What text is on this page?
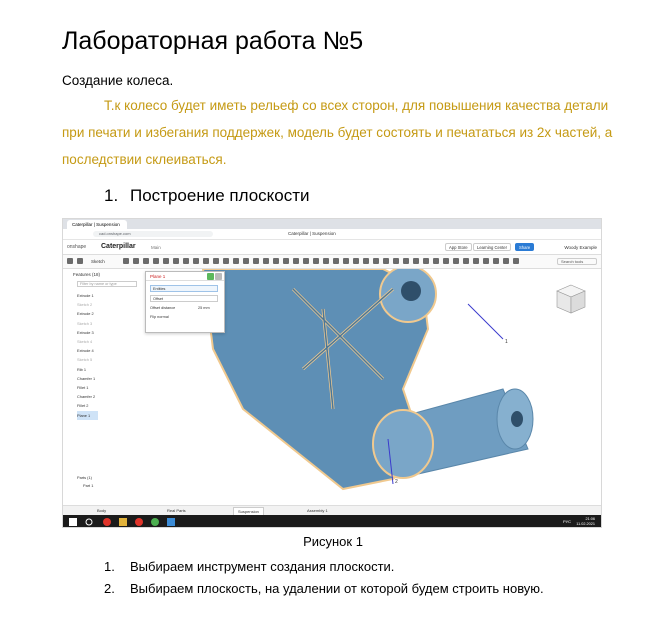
Лабораторная работа №5
Создание колеса.
Т.к колесо будет иметь рельеф со всех сторон, для повышения качества детали
при печати и избегания поддержек, модель будет состоять и печататься из 2х частей, а
последствии склеиваться.
1. Построение плоскости
Caterpillar | Suspension
cad.onshape.com	Caterpillar | Suspension
onshape Caterpillar	Main	App Store	Learning Center	Share	Woody Example
Sketch	Search tools
Features (18)
Filter by name or type
Extrude 1
Sketch 2
Extrude 2
Sketch 3
Extrude 3
Sketch 4
Extrude 4
Sketch 5
Rib 1
Chamfer 1
Fillet 1
Chamfer 2
Fillet 2
Plane 1
Parts (1)
Part 1
1
2
Plane 1
Entities
Offset
Offset distance	25 mm
Flip normal
Body	Real Parts	Suspension	Assembly 1
РУС	21:06
11.02.2021
Рисунок 1
1. Выбираем инструмент создания плоскости.
2. Выбираем плоскость, на удалении от которой будем строить новую.
